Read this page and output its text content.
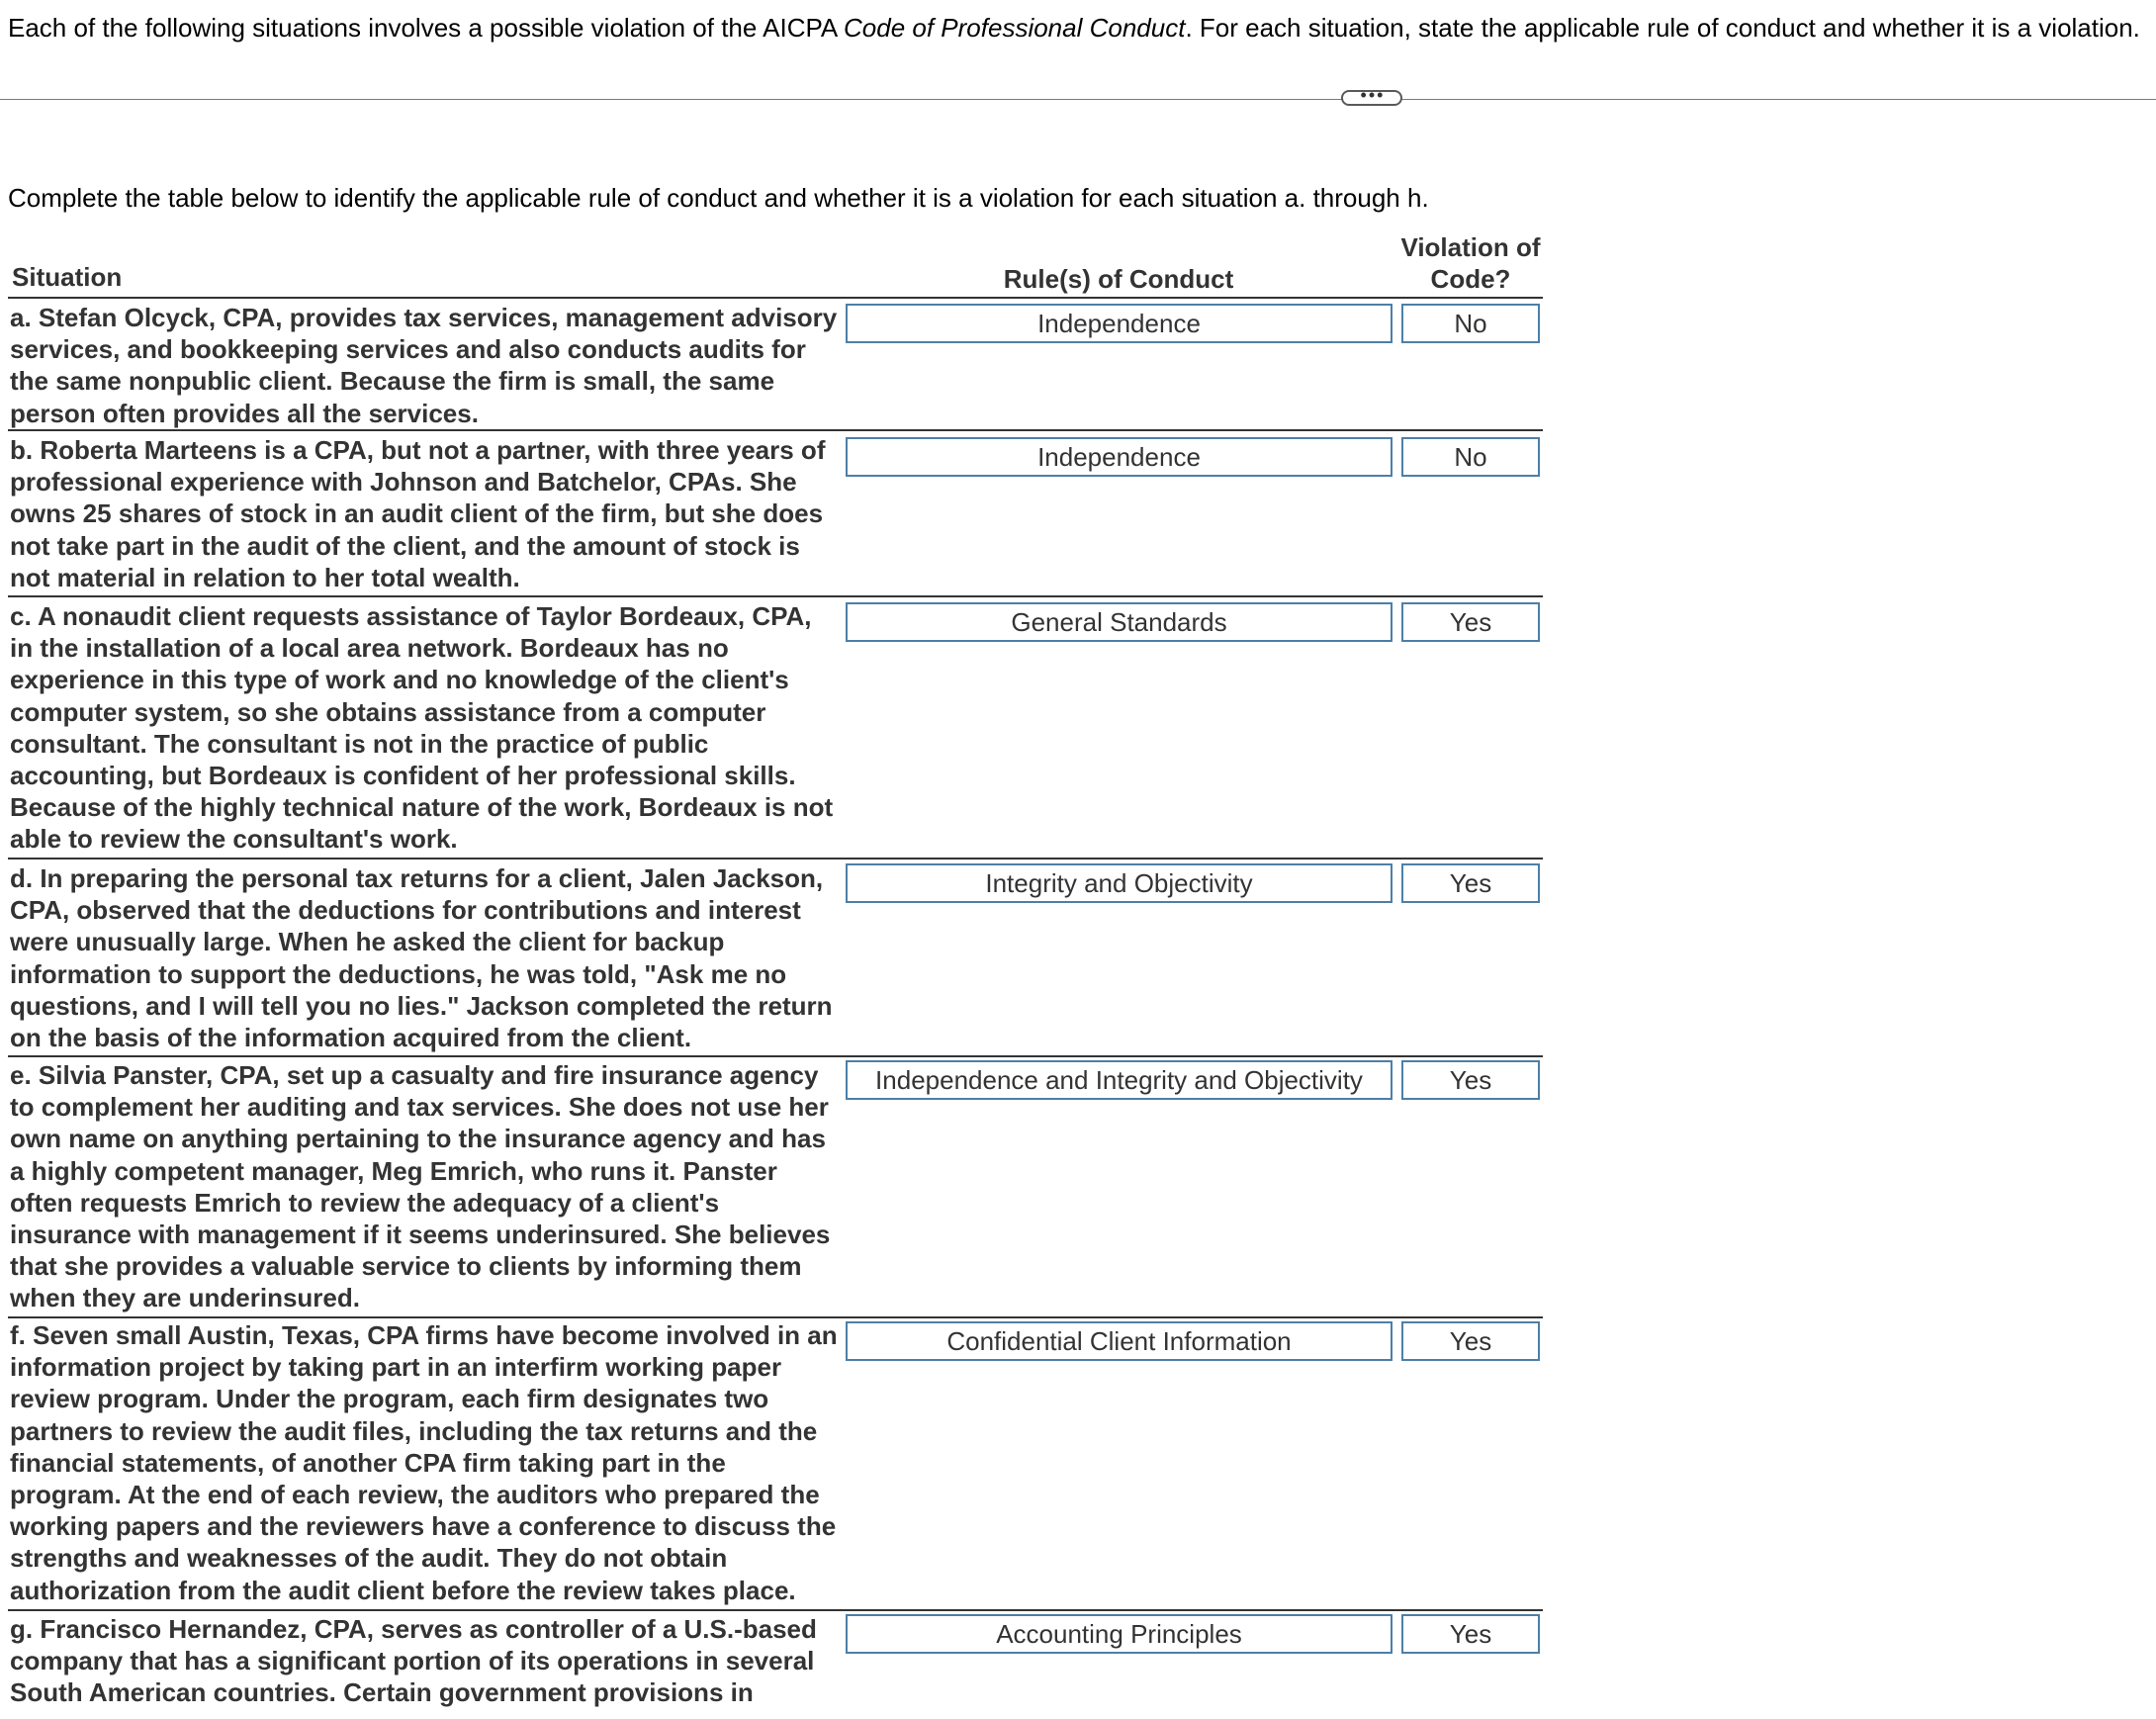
Each of the following situations involves a possible violation of the AICPA Code of Professional Conduct. For each situation, state the applicable rule of conduct and whether it is a violation.
•••
Complete the table below to identify the applicable rule of conduct and whether it is a violation for each situation a. through h.
Situation	Rule(s) of Conduct
Violation of
Code?
a. Stefan Olcyck, CPA, provides tax services, management advisory services, and bookkeeping services and also conducts audits for the same nonpublic client. Because the firm is small, the same person often provides all the services.
Independence	No
b. Roberta Marteens is a CPA, but not a partner, with three years of professional experience with Johnson and Batchelor, CPAs. She owns 25 shares of stock in an audit client of the firm, but she does not take part in the audit of the client, and the amount of stock is not material in relation to her total wealth.
Independence	No
c. A nonaudit client requests assistance of Taylor Bordeaux, CPA, in the installation of a local area network. Bordeaux has no experience in this type of work and no knowledge of the client's computer system, so she obtains assistance from a computer consultant. The consultant is not in the practice of public accounting, but Bordeaux is confident of her professional skills. Because of the highly technical nature of the work, Bordeaux is not able to review the consultant's work.
General Standards	Yes
d. In preparing the personal tax returns for a client, Jalen Jackson, CPA, observed that the deductions for contributions and interest were unusually large. When he asked the client for backup information to support the deductions, he was told, "Ask me no questions, and I will tell you no lies." Jackson completed the return on the basis of the information acquired from the client.
Integrity and Objectivity	Yes
e. Silvia Panster, CPA, set up a casualty and fire insurance agency to complement her auditing and tax services. She does not use her own name on anything pertaining to the insurance agency and has a highly competent manager, Meg Emrich, who runs it. Panster often requests Emrich to review the adequacy of a client's insurance with management if it seems underinsured. She believes that she provides a valuable service to clients by informing them when they are underinsured.
Independence and Integrity and Objectivity	Yes
f. Seven small Austin, Texas, CPA firms have become involved in an information project by taking part in an interfirm working paper review program. Under the program, each firm designates two partners to review the audit files, including the tax returns and the financial statements, of another CPA firm taking part in the program. At the end of each review, the auditors who prepared the working papers and the reviewers have a conference to discuss the strengths and weaknesses of the audit. They do not obtain authorization from the audit client before the review takes place.
Confidential Client Information	Yes
g. Francisco Hernandez, CPA, serves as controller of a U.S.-based company that has a significant portion of its operations in several South American countries. Certain government provisions in
Accounting Principles	Yes
